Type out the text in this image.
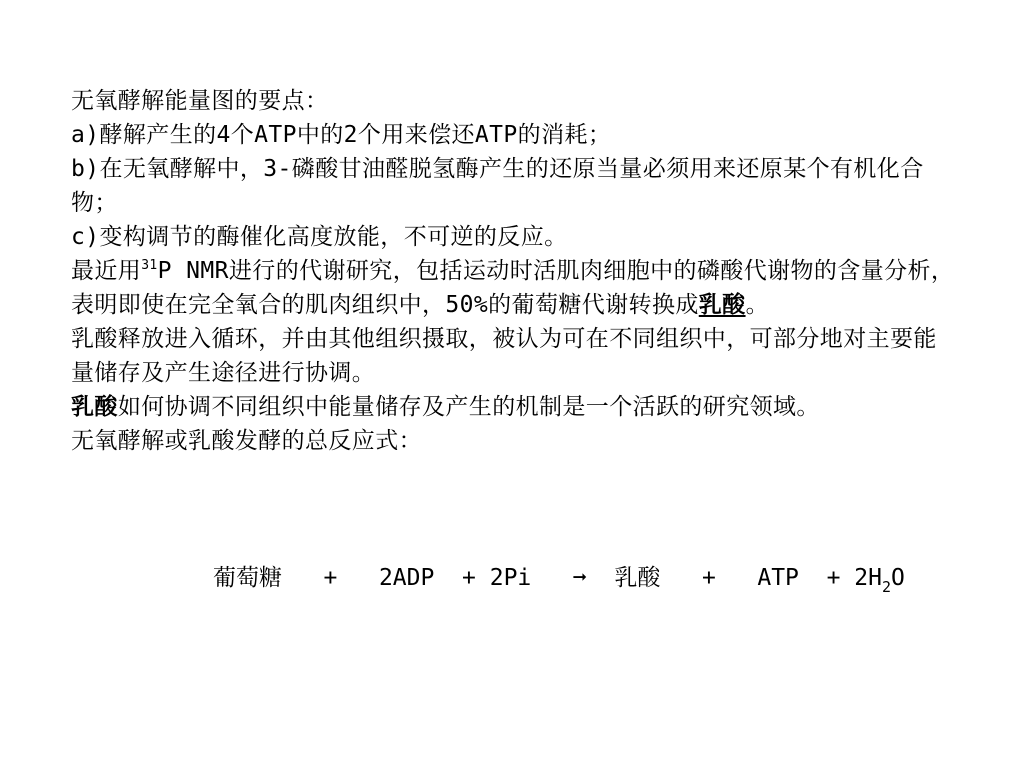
无氧酵解能量图的要点：
a)酵解产生的4个ATP中的2个用来偿还ATP的消耗；
b)在无氧酵解中，3-磷酸甘油醛脱氢酶产生的还原当量必须用来还原某个有机化合物；
c)变构调节的酶催化高度放能，不可逆的反应。
最近用$^{31}$P NMR进行的代谢研究，包括运动时活肌肉细胞中的磷酸代谢物的含量分析，表明即使在完全氧合的肌肉组织中，50%的葡萄糖代谢转换成乳酸。
乳酸释放进入循环，并由其他组织摄取，被认为可在不同组织中，可部分地对主要能量储存及产生途径进行协调。
乳酸如何协调不同组织中能量储存及产生的机制是一个活跃的研究领域。
无氧酵解或乳酸发酵的总反应式：
葡萄糖 + 2ADP + 2Pi ➞ 乳酸 + ATP + $2H_2O$
